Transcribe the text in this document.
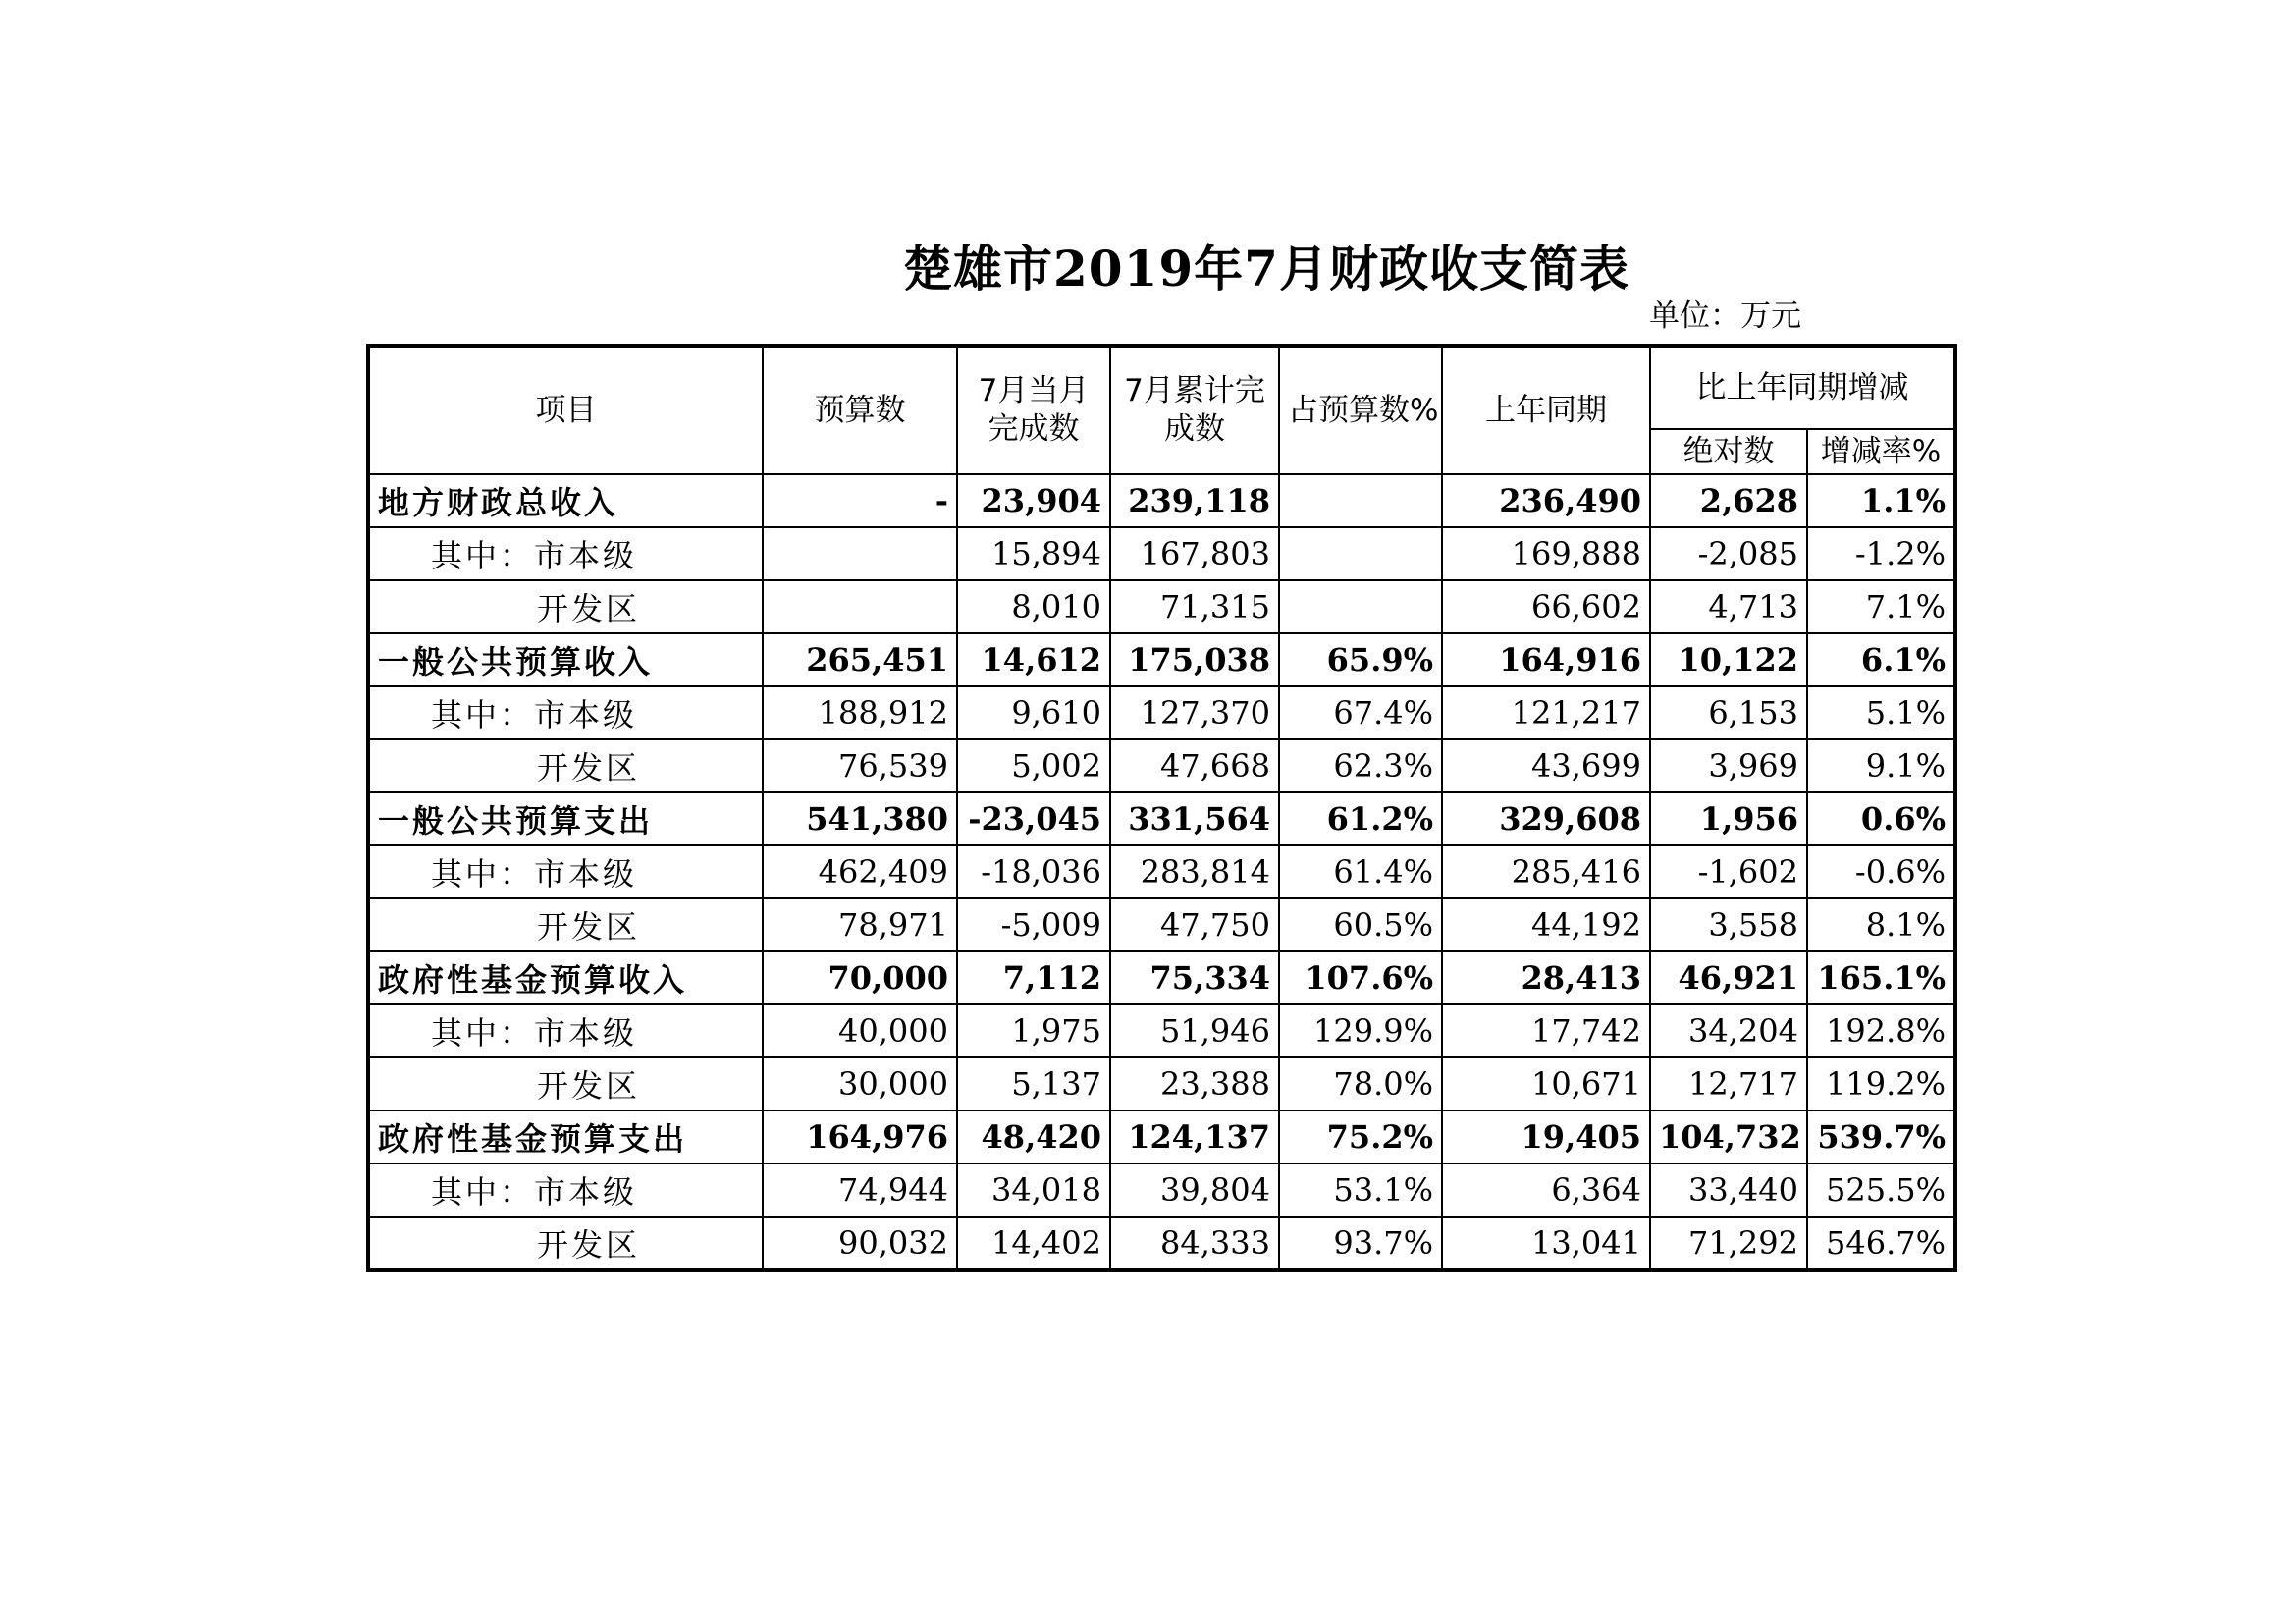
楚雄市2019年7月财政收支简表
单位：万元
项目	预算数	7月当月完成数	7月累计完成数	占预算数%	上年同期	比上年同期增减	
						绝对数	增减率%
地方财政总收入	-	23,904	239,118		236,490	2,628	1.1%
其中：市本级		15,894	167,803		169,888	-2,085	-1.2%
开发区		8,010	71,315		66,602	4,713	7.1%
一般公共预算收入	265,451	14,612	175,038	65.9%	164,916	10,122	6.1%
其中：市本级	188,912	9,610	127,370	67.4%	121,217	6,153	5.1%
开发区	76,539	5,002	47,668	62.3%	43,699	3,969	9.1%
一般公共预算支出	541,380	-23,045	331,564	61.2%	329,608	1,956	0.6%
其中：市本级	462,409	-18,036	283,814	61.4%	285,416	-1,602	-0.6%
开发区	78,971	-5,009	47,750	60.5%	44,192	3,558	8.1%
政府性基金预算收入	70,000	7,112	75,334	107.6%	28,413	46,921	165.1%
其中：市本级	40,000	1,975	51,946	129.9%	17,742	34,204	192.8%
开发区	30,000	5,137	23,388	78.0%	10,671	12,717	119.2%
政府性基金预算支出	164,976	48,420	124,137	75.2%	19,405	104,732	539.7%
其中：市本级	74,944	34,018	39,804	53.1%	6,364	33,440	525.5%
开发区	90,032	14,402	84,333	93.7%	13,041	71,292	546.7%
